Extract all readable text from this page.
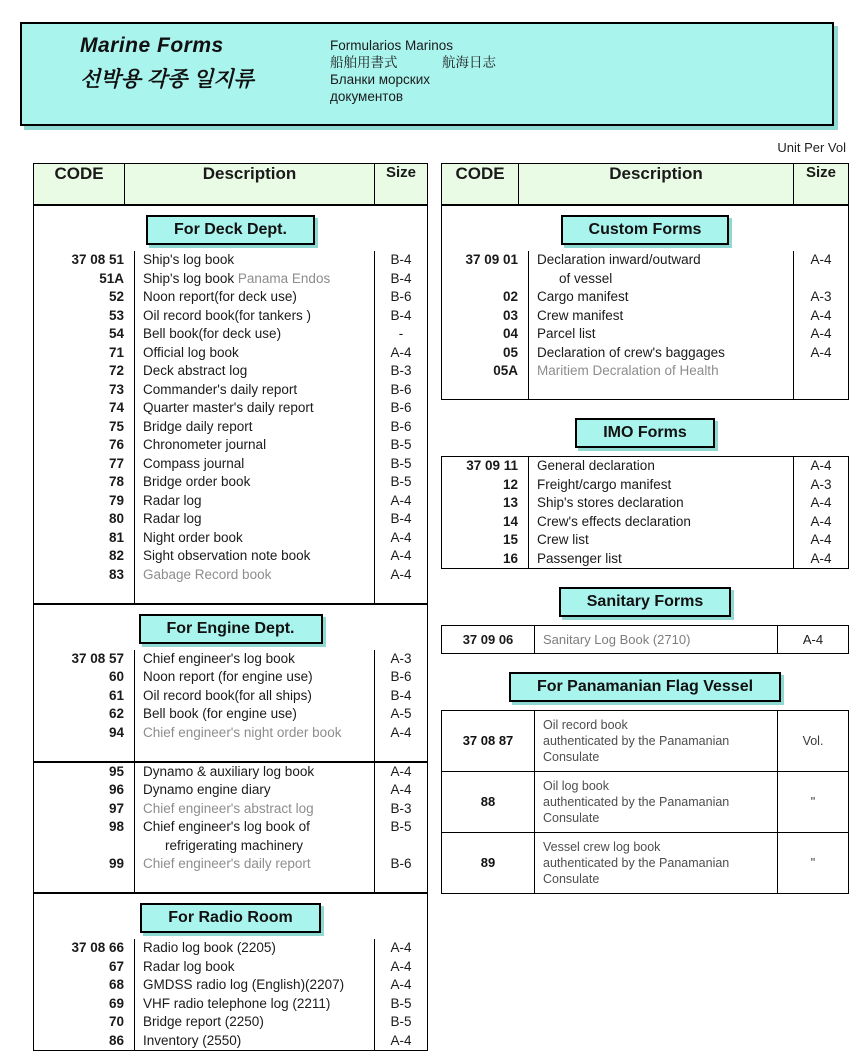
Marine Forms
선박용 각종 일지류
Formularios Marinos
船舶用書式	航海日志
Бланки морских
документов
Unit Per Vol
CODE	Description	Size
For Deck Dept.
37 08 51	Ship's log book	B-4
51A	Ship's log book Panama Endos	B-4
52	Noon report(for deck use)	B-6
53	Oil record book(for tankers )	B-4
54	Bell book(for deck use)	-
71	Official log book	A-4
72	Deck abstract log	B-3
73	Commander's daily report	B-6
74	Quarter master's daily report	B-6
75	Bridge daily report	B-6
76	Chronometer journal	B-5
77	Compass journal	B-5
78	Bridge order book	B-5
79	Radar log	A-4
80	Radar log	B-4
81	Night order book	A-4
82	Sight observation note book	A-4
83	Gabage Record book	A-4

For Engine Dept.
37 08 57	Chief engineer's log book	A-3
60	Noon report (for engine use)	B-6
61	Oil record book(for all ships)	B-4
62	Bell book (for engine use)	A-5
94	Chief engineer's night order book	A-4

95	Dynamo & auxiliary log book	A-4
96	Dynamo engine diary	A-4
97	Chief engineer's abstract log	B-3
98	Chief engineer's log book of
refrigerating machinery	B-5
99	Chief engineer's daily report	B-6

For Radio Room
37 08 66	Radio log book (2205)	A-4
67	Radar log book	A-4
68	GMDSS radio log (English)(2207)	A-4
69	VHF radio telephone log (2211)	B-5
70	Bridge report (2250)	B-5
86	Inventory (2550)	A-4
CODE	Description	Size
Custom Forms
37 09 01	Declaration inward/outward
of vessel	A-4
02	Cargo manifest	A-3
03	Crew manifest	A-4
04	Parcel list	A-4
05	Declaration of crew's baggages	A-4
05A	Maritiem Decralation of Health	

IMO Forms
37 09 11	General declaration	A-4
12	Freight/cargo manifest	A-3
13	Ship's stores declaration	A-4
14	Crew's effects declaration	A-4
15	Crew list	A-4
16	Passenger list	A-4
Sanitary Forms
37 09 06	Sanitary Log Book (2710)	A-4
For Panamanian Flag Vessel
37 08 87	Oil record book
authenticated by the Panamanian
Consulate	Vol.
88	Oil log book
authenticated by the Panamanian
Consulate	"
89	Vessel crew log book
authenticated by the Panamanian
Consulate	"
